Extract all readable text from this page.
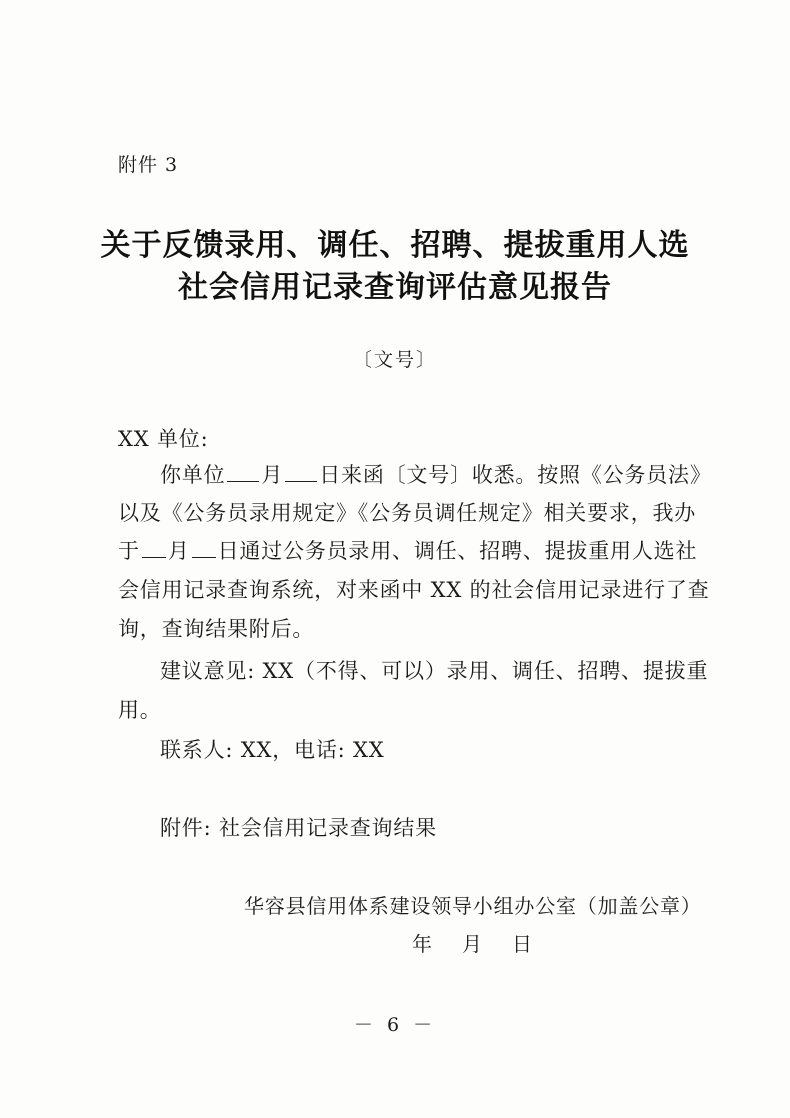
附件 3
关于反馈录用、调任、招聘、提拔重用人选
社会信用记录查询评估意见报告
〔文号〕
XX 单位:
你单位 月 日来函〔文号〕收悉。按照《公务员法》
以及《公务员录用规定》《公务员调任规定》相关要求，我办
于 月 日通过公务员录用、调任、招聘、提拔重用人选社
会信用记录查询系统，对来函中 XX 的社会信用记录进行了查
询，查询结果附后。
建议意见: XX（不得、可以）录用、调任、招聘、提拔重
用。
联系人: XX，电话: XX
附件: 社会信用记录查询结果
华容县信用体系建设领导小组办公室（加盖公章）
年 月 日
－ 6 －
